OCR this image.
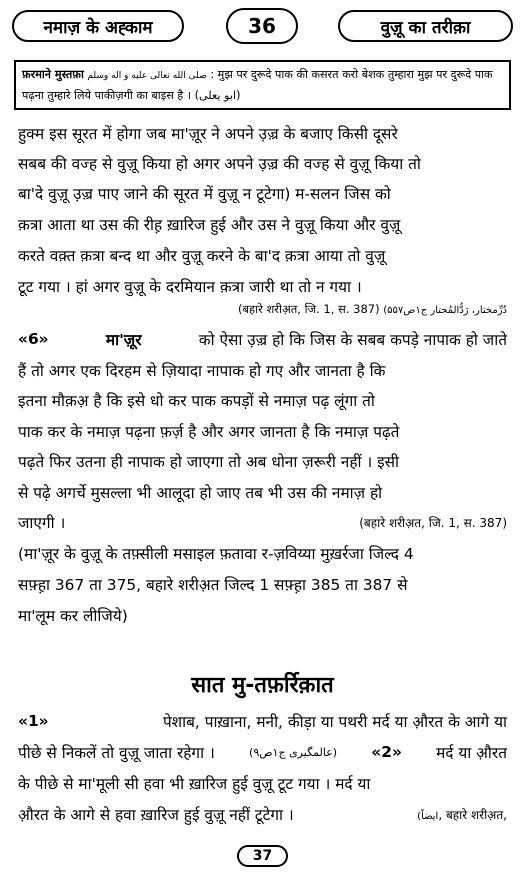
नमाज़ के अह्काम	36	वुज़ू का तरीक़ा
फ़रमाने मुस्तफ़ा صلى الله تعالى عليه و اله وسلم : मुझ पर दुरूदे पाक की कसरत करो बेशक तुम्हारा मुझ पर दुरूदे पाक पढ़ना तुम्हारे लिये पाकीज़गी का बाइस है । (ابو یعلی)
हुक्म इस सूरत में होगा जब मा'ज़ूर ने अपने उ़ज़्र के बजाए किसी दूसरे
सबब की वज्ह से वुज़ू किया हो अगर अपने उ़ज़्र की वज्ह से वुज़ू किया तो
बा'दे वुज़ू उ़ज़्र पाए जाने की सूरत में वुज़ू न टूटेगा) म-सलन जिस को
क़त्रा आता था उस की रीह़ ख़ारिज हुई और उस ने वुज़ू किया और वुज़ू
करते वक़्त क़त्रा बन्द था और वुज़ू करने के बा'द क़त्रा आया तो वुज़ू
टूट गया । हां अगर वुज़ू के दरमियान क़त्रा जारी था तो न गया ।
(बहारे शरीअ़त, जि. 1, स. 387) (دُرِّمختار، رَدُّالمُحتار ج۱ص۵۵۷
«6»	मा'ज़ूर	को ऐसा उ़ज़्र हो कि जिस के सबब कपड़े नापाक हो जाते
हैं तो अगर एक दिरहम से ज़ियादा नापाक हो गए और जानता है कि
इतना मौक़अ़ है कि इसे धो कर पाक कपड़ों से नमाज़ पढ़ लूंगा तो
पाक कर के नमाज़ पढ़ना फ़र्ज़ है और अगर जानता है कि नमाज़ पढ़ते
पढ़ते फिर उतना ही नापाक हो जाएगा तो अब धोना ज़रूरी नहीं । इसी
से पढ़े अगर्चे मुसल्ला भी आलूदा हो जाए तब भी उस की नमाज़ हो
जाएगी ।	(बहारे शरीअ़त, जि. 1, स. 387)
(मा'ज़ूर के वुज़ू के तफ़्सीली मसाइल फ़तावा र-ज़विय्या मुख़र्रजा जिल्द 4
सफ़्ह़ा 367 ता 375, बहारे शरीअ़त जिल्द 1 सफ़्ह़ा 385 ता 387 से
मा'लूम कर लीजिये)
सात मु-तफ़र्रिक़ात
«1»	पेशाब, पाख़ाना, मनी, कीड़ा या पथरी मर्द या औ़रत के आगे या
पीछे से निकलें तो वुज़ू जाता रहेगा ।	(عالمگیری ج۱ص۹) «2» मर्द या औ़रत
के पीछे से मा'मूली सी हवा भी ख़ारिज हुई वुज़ू टूट गया । मर्द या
औ़रत के आगे से हवा ख़ारिज हुई वुज़ू नहीं टूटेगा ।	(ایضاً, बहारे शरीअ़त,
37
